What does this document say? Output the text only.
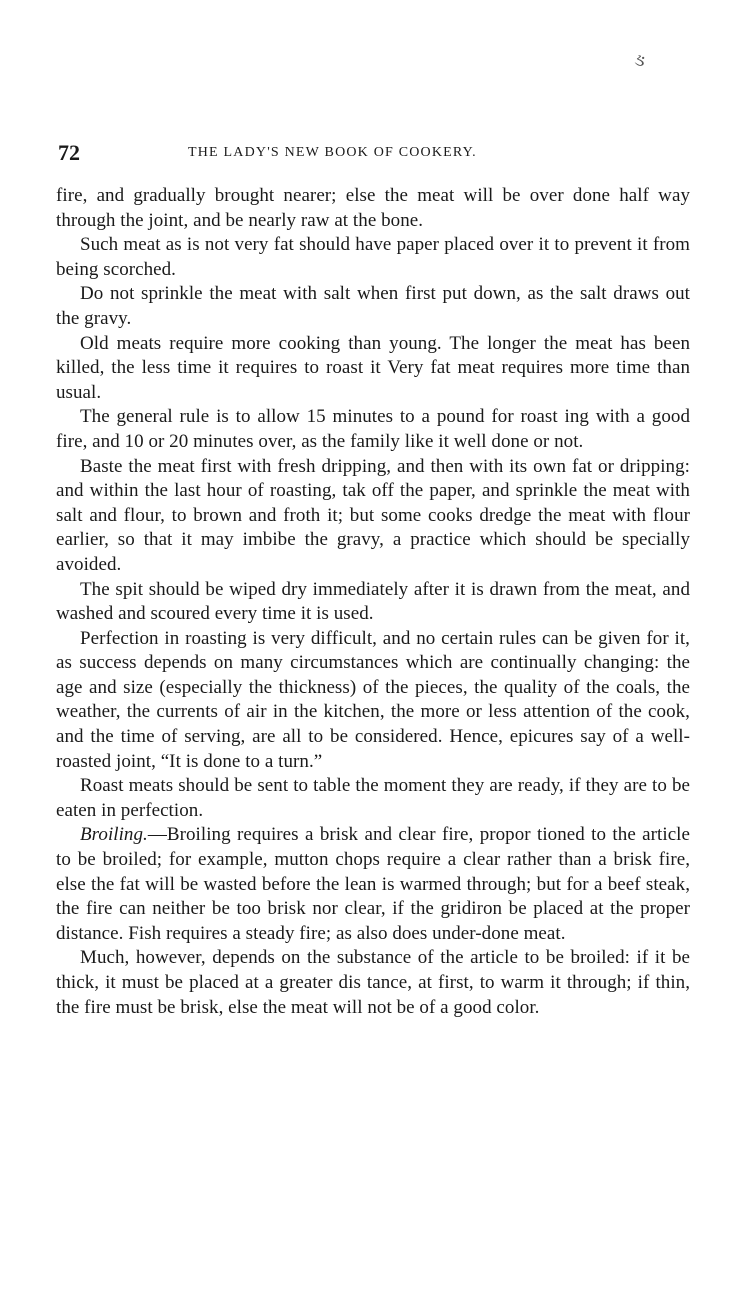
ઙ
72	THE LADY'S NEW BOOK OF COOKERY.

fire, and gradually brought nearer; else the meat will be over done half way through the joint, and be nearly raw at the bone.

Such meat as is not very fat should have paper placed over it to prevent it from being scorched.

Do not sprinkle the meat with salt when first put down, as the salt draws out the gravy.

Old meats require more cooking than young. The longer the meat has been killed, the less time it requires to roast it Very fat meat requires more time than usual.

The general rule is to allow 15 minutes to a pound for roast ing with a good fire, and 10 or 20 minutes over, as the family like it well done or not.

Baste the meat first with fresh dripping, and then with its own fat or dripping: and within the last hour of roasting, tak off the paper, and sprinkle the meat with salt and flour, to brown and froth it; but some cooks dredge the meat with flour earlier, so that it may imbibe the gravy, a practice which should be specially avoided.

The spit should be wiped dry immediately after it is drawn from the meat, and washed and scoured every time it is used.

Perfection in roasting is very difficult, and no certain rules can be given for it, as success depends on many circumstances which are continually changing: the age and size (especially the thickness) of the pieces, the quality of the coals, the weather, the currents of air in the kitchen, the more or less attention of the cook, and the time of serving, are all to be considered. Hence, epicures say of a well-roasted joint, “It is done to a turn.”

Roast meats should be sent to table the moment they are ready, if they are to be eaten in perfection.

Broiling.—Broiling requires a brisk and clear fire, propor tioned to the article to be broiled; for example, mutton chops require a clear rather than a brisk fire, else the fat will be wasted before the lean is warmed through; but for a beef steak, the fire can neither be too brisk nor clear, if the gridiron be placed at the proper distance. Fish requires a steady fire; as also does under-done meat.

Much, however, depends on the substance of the article to be broiled: if it be thick, it must be placed at a greater dis tance, at first, to warm it through; if thin, the fire must be brisk, else the meat will not be of a good color.
